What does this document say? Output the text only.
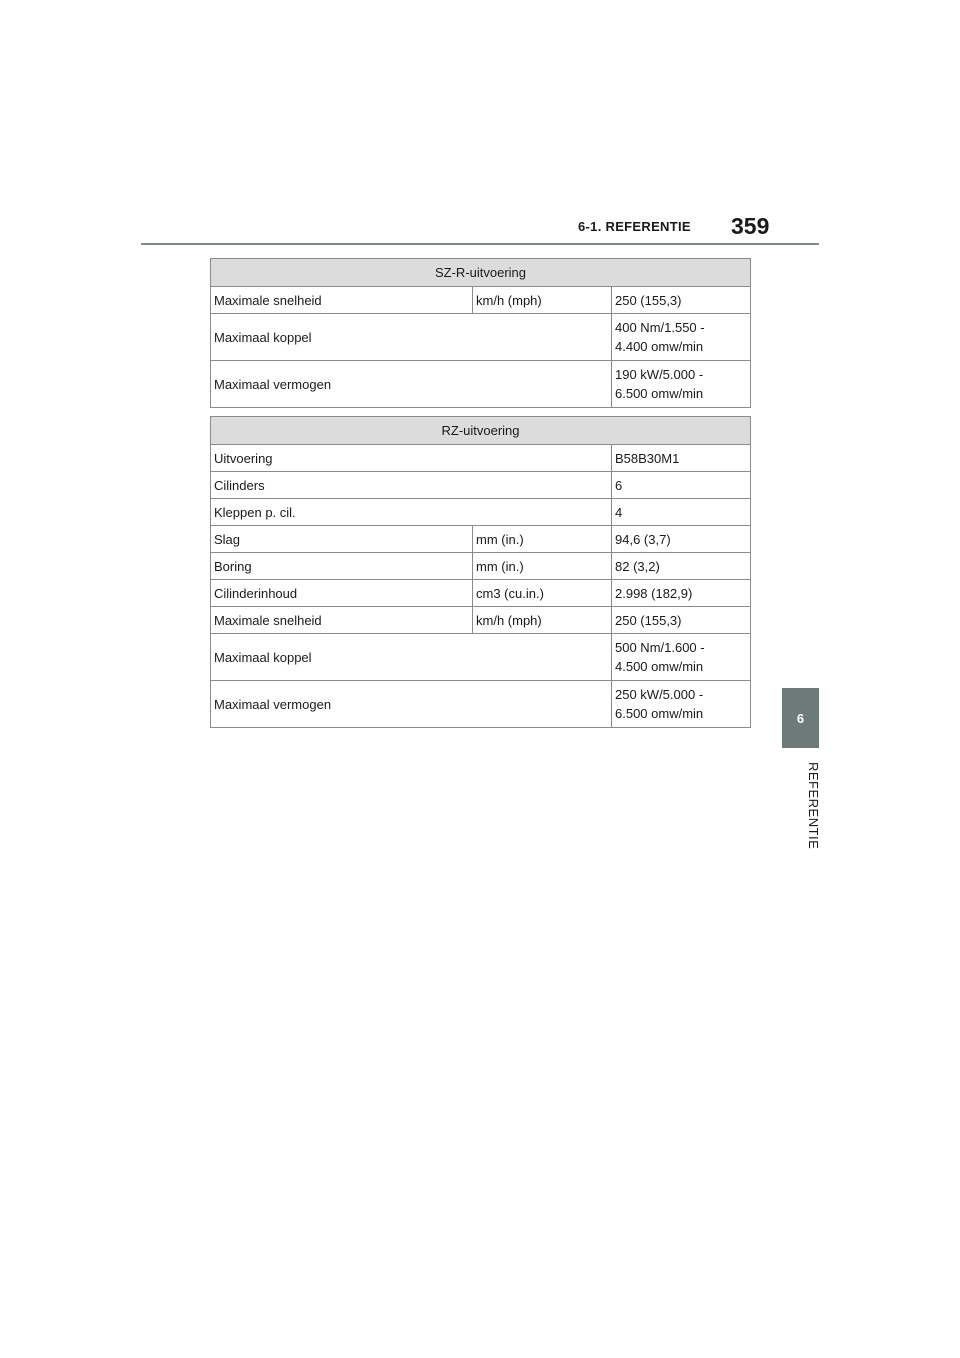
6-1. REFERENTIE 359
6
REFERENTIE
SZ-R-uitvoering		
Maximale snelheid	km/h (mph)	250 (155,3)
Maximaal koppel		400 Nm/1.550 -
4.400 omw/min

Maximaal vermogen		190 kW/5.000 -
6.500 omw/min
RZ-uitvoering		
Uitvoering		B58B30M1
Cilinders		6
Kleppen p. cil.		4
Slag	mm (in.)	94,6 (3,7)
Boring	mm (in.)	82 (3,2)
Cilinderinhoud	cm3 (cu.in.)	2.998 (182,9)
Maximale snelheid	km/h (mph)	250 (155,3)
Maximaal koppel		500 Nm/1.600 -
4.500 omw/min

Maximaal vermogen		250 kW/5.000 -
6.500 omw/min
